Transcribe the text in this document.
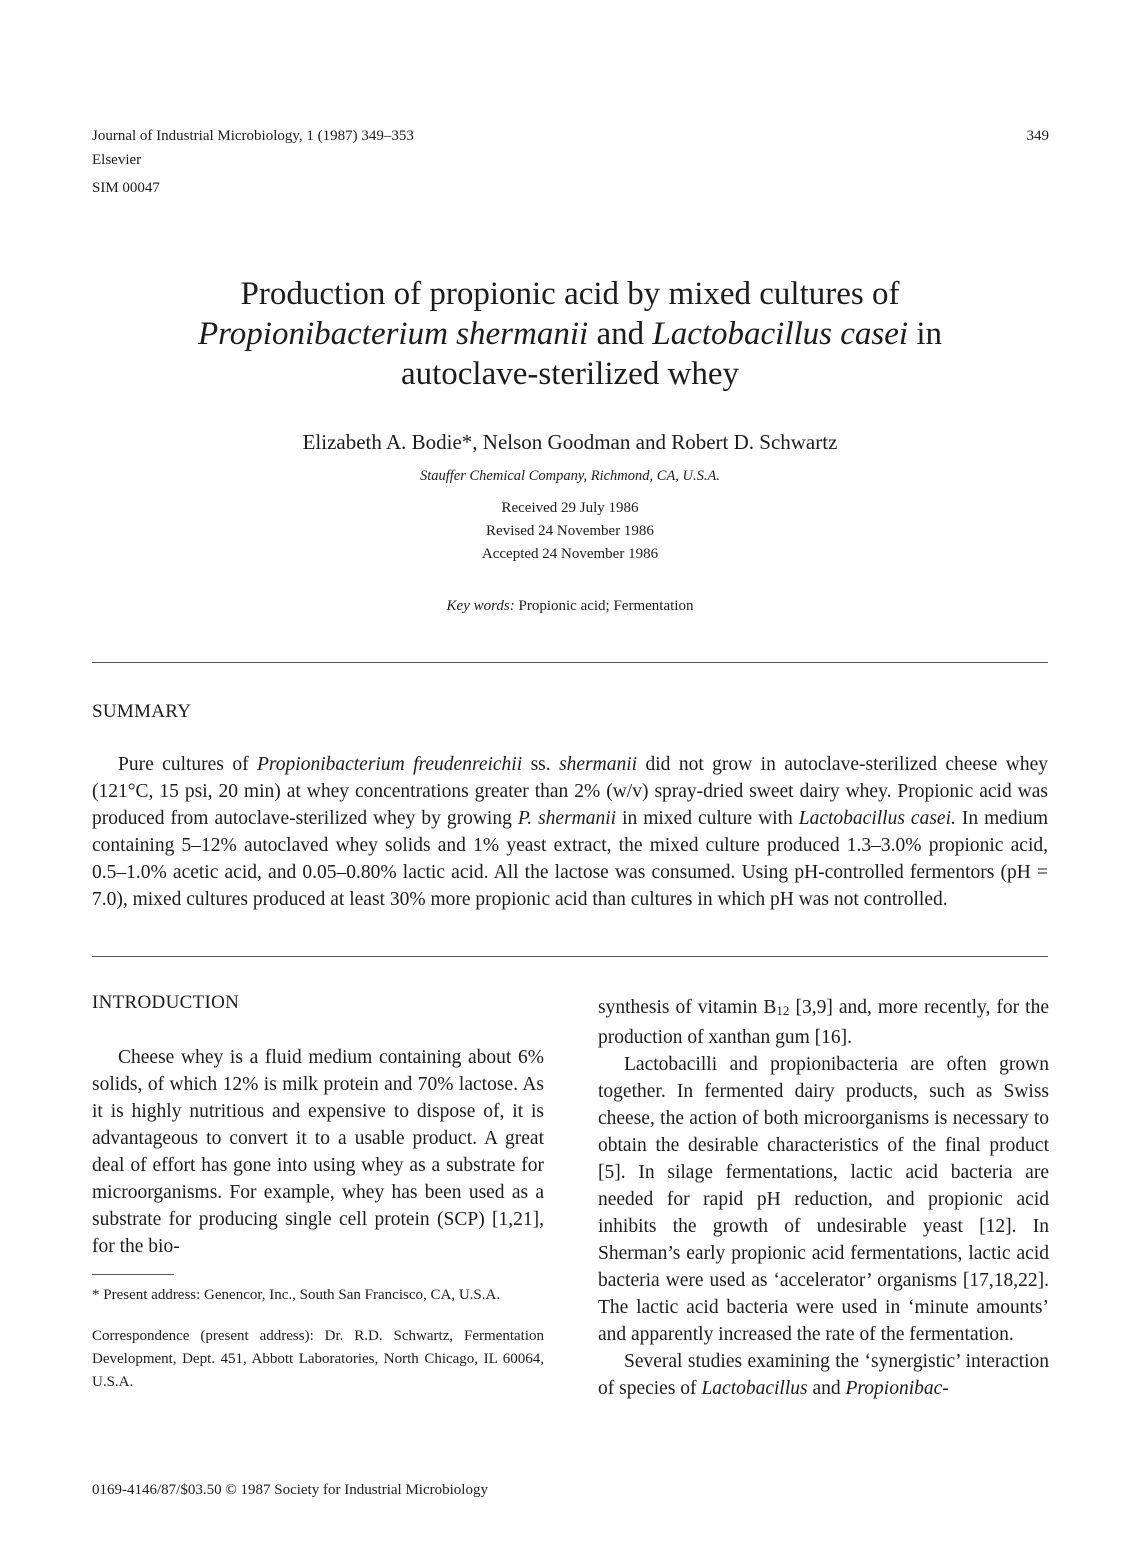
Journal of Industrial Microbiology, 1 (1987) 349–353
Elsevier
SIM 00047
349
Production of propionic acid by mixed cultures of
Propionibacterium shermanii and Lactobacillus casei in
autoclave-sterilized whey
Elizabeth A. Bodie*, Nelson Goodman and Robert D. Schwartz
Stauffer Chemical Company, Richmond, CA, U.S.A.
Received 29 July 1986
Revised 24 November 1986
Accepted 24 November 1986
Key words: Propionic acid; Fermentation
SUMMARY
Pure cultures of Propionibacterium freudenreichii ss. shermanii did not grow in autoclave-sterilized cheese whey (121°C, 15 psi, 20 min) at whey concentrations greater than 2% (w/v) spray-dried sweet dairy whey. Propionic acid was produced from autoclave-sterilized whey by growing P. shermanii in mixed culture with Lactobacillus casei. In medium containing 5–12% autoclaved whey solids and 1% yeast extract, the mixed culture produced 1.3–3.0% propionic acid, 0.5–1.0% acetic acid, and 0.05–0.80% lactic acid. All the lactose was consumed. Using pH-controlled fermentors (pH = 7.0), mixed cultures produced at least 30% more propionic acid than cultures in which pH was not controlled.
INTRODUCTION

Cheese whey is a fluid medium containing about 6% solids, of which 12% is milk protein and 70% lactose. As it is highly nutritious and expensive to dispose of, it is advantageous to convert it to a usable product. A great deal of effort has gone into using whey as a substrate for microorganisms. For example, whey has been used as a substrate for producing single cell protein (SCP) [1,21], for the bio-

* Present address: Genencor, Inc., South San Francisco, CA, U.S.A.

Correspondence (present address): Dr. R.D. Schwartz, Fermentation Development, Dept. 451, Abbott Laboratories, North Chicago, IL 60064, U.S.A.

0169-4146/87/$03.50 © 1987 Society for Industrial Microbiology

synthesis of vitamin $B_{12}$ [3,9] and, more recently, for the production of xanthan gum [16].

Lactobacilli and propionibacteria are often grown together. In fermented dairy products, such as Swiss cheese, the action of both microorganisms is necessary to obtain the desirable characteristics of the final product [5]. In silage fermentations, lactic acid bacteria are needed for rapid pH reduction, and propionic acid inhibits the growth of undesirable yeast [12]. In Sherman’s early propionic acid fermentations, lactic acid bacteria were used as ‘accelerator’ organisms [17,18,22]. The lactic acid bacteria were used in ‘minute amounts’ and apparently increased the rate of the fermentation.

Several studies examining the ‘synergistic’ interaction of species of Lactobacillus and Propionibac-
